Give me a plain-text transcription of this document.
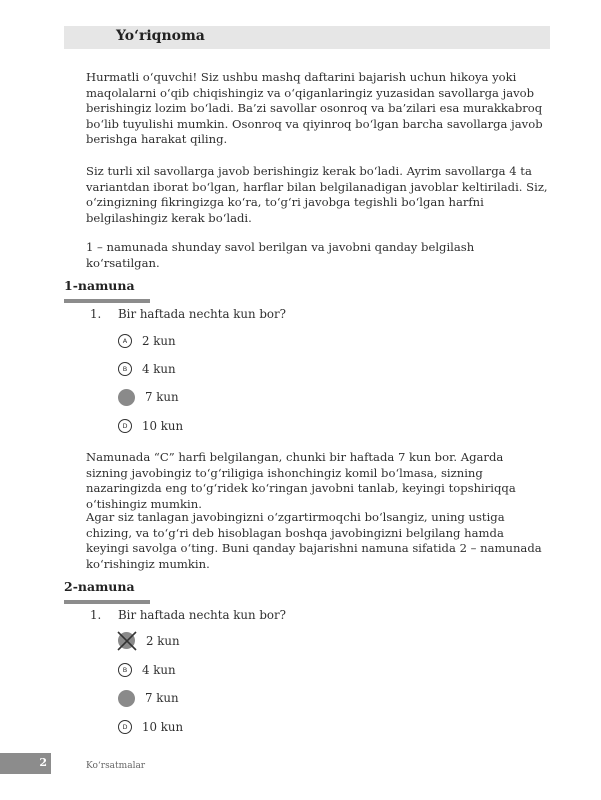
Yo‘riqnoma

Hurmatli o‘quvchi! Siz ushbu mashq daftarini bajarish uchun hikoya yoki maqolalarni o‘qib chiqishingiz va o‘qiganlaringiz yuzasidan savollarga javob berishingiz lozim bo‘ladi. Ba’zi savollar osonroq va ba’zilari esa murakkabroq bo‘lib tuyulishi mumkin. Osonroq va qiyinroq bo‘lgan barcha savollarga javob berishga harakat qiling.

Siz turli xil savollarga javob berishingiz kerak bo‘ladi. Ayrim savollarga 4 ta variantdan iborat bo‘lgan, harflar bilan belgilanadigan javoblar keltiriladi. Siz, o‘zingizning fikringizga ko‘ra, to‘g‘ri javobga tegishli bo‘lgan harfni belgilashingiz kerak bo‘ladi.

1 – namunada shunday savol berilgan va javobni qanday belgilash ko‘rsatilgan.

1-namuna
1. Bir haftada nechta kun bor?
A	2 kun
B	4 kun
7 kun
D	10 kun

Namunada “C” harfi belgilangan, chunki bir haftada 7 kun bor. Agarda sizning javobingiz to‘g‘riligiga ishonchingiz komil bo‘lmasa, sizning nazaringizda eng to‘g‘ridek ko‘ringan javobni tanlab, keyingi topshiriqqa o‘tishingiz mumkin.

Agar siz tanlagan javobingizni o‘zgartirmoqchi bo‘lsangiz, uning ustiga chizing, va to‘g‘ri deb hisoblagan boshqa javobingizni belgilang hamda keyingi savolga o‘ting. Buni qanday bajarishni namuna sifatida 2 – namunada ko‘rishingiz mumkin.

2-namuna
1. Bir haftada nechta kun bor?
2 kun
B	4 kun
7 kun
D	10 kun
2	Ko‘rsatmalar
